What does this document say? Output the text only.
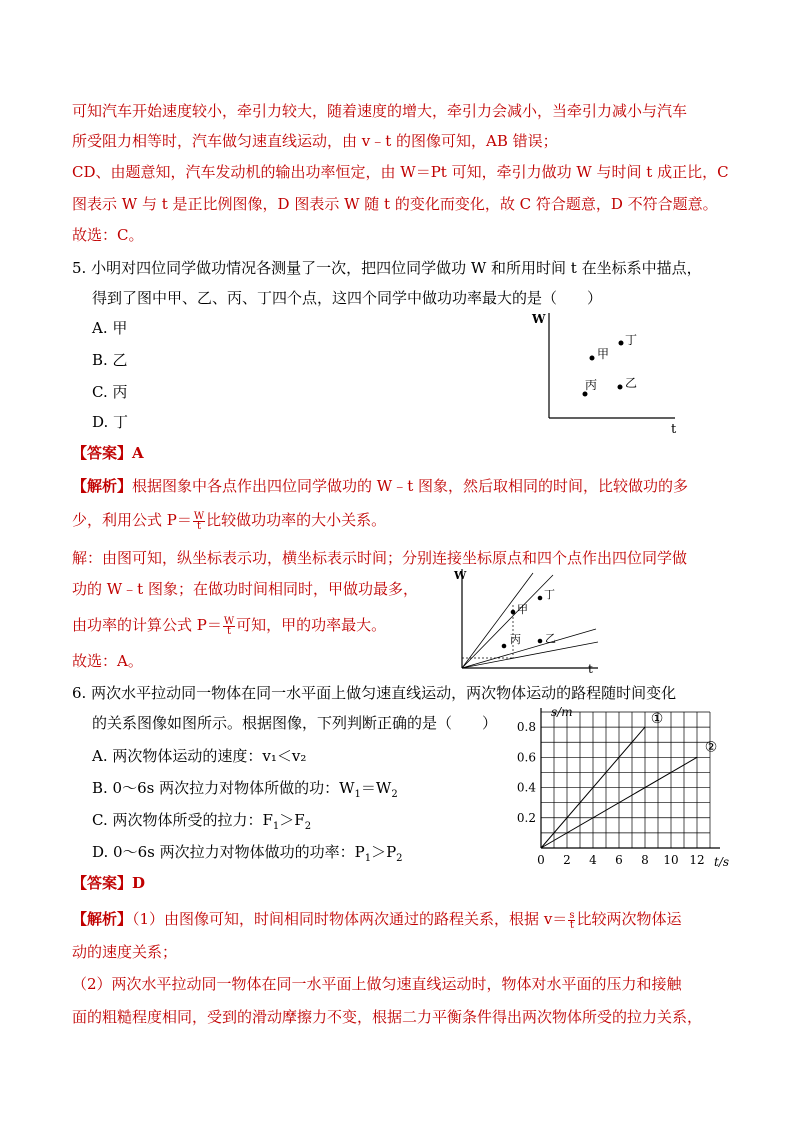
可知汽车开始速度较小，牵引力较大，随着速度的增大，牵引力会减小，当牵引力减小与汽车
所受阻力相等时，汽车做匀速直线运动，由 v﹣t 的图像可知，AB 错误；
CD、由题意知，汽车发动机的输出功率恒定，由 W＝Pt 可知，牵引力做功 W 与时间 t 成正比，C
图表示 W 与 t 是正比例图像，D 图表示 W 随 t 的变化而变化，故 C 符合题意，D 不符合题意。
故选：C。
5. 小明对四位同学做功情况各测量了一次，把四位同学做功 W 和所用时间 t 在坐标系中描点，
得到了图中甲、乙、丙、丁四个点，这四个同学中做功功率最大的是（　　）
A. 甲
B. 乙
C. 丙
D. 丁
W
t
丁
甲
丙 乙
【答案】A
【解析】根据图象中各点作出四位同学做功的 W﹣t 图象，然后取相同的时间，比较做功的多
少，利用公式 $P= \frac{W}{t}$ 比较做功功率的大小关系。
解：由图可知，纵坐标表示功，横坐标表示时间；分别连接坐标原点和四个点作出四位同学做
功的 W﹣t 图象；在做功时间相同时，甲做功最多，
由功率的计算公式 $P= \frac{W}{t}$ 可知，甲的功率最大。
故选：A。
W
t
甲
丁
丙 乙
6. 两次水平拉动同一物体在同一水平面上做匀速直线运动，两次物体运动的路程随时间变化
的关系图像如图所示。根据图像，下列判断正确的是（　　）
A. 两次物体运动的速度：v₁＜v₂
B. 0～6s 两次拉力对物体所做的功：$W_1=W_2$
C. 两次物体所受的拉力：$F_1>F_2$
D. 0～6s 两次拉力对物体做功的功率：$P_1>P_2$
0.2
0.4
0.6
0.8
0 2 4 6 8 10 12
s/m
t/s
①
②
【答案】D
【解析】（1）由图像可知，时间相同时物体两次通过的路程关系，根据 $v= \frac{s}{t}$ 比较两次物体运
动的速度关系；
（2）两次水平拉动同一物体在同一水平面上做匀速直线运动时，物体对水平面的压力和接触
面的粗糙程度相同，受到的滑动摩擦力不变，根据二力平衡条件得出两次物体所受的拉力关系，
